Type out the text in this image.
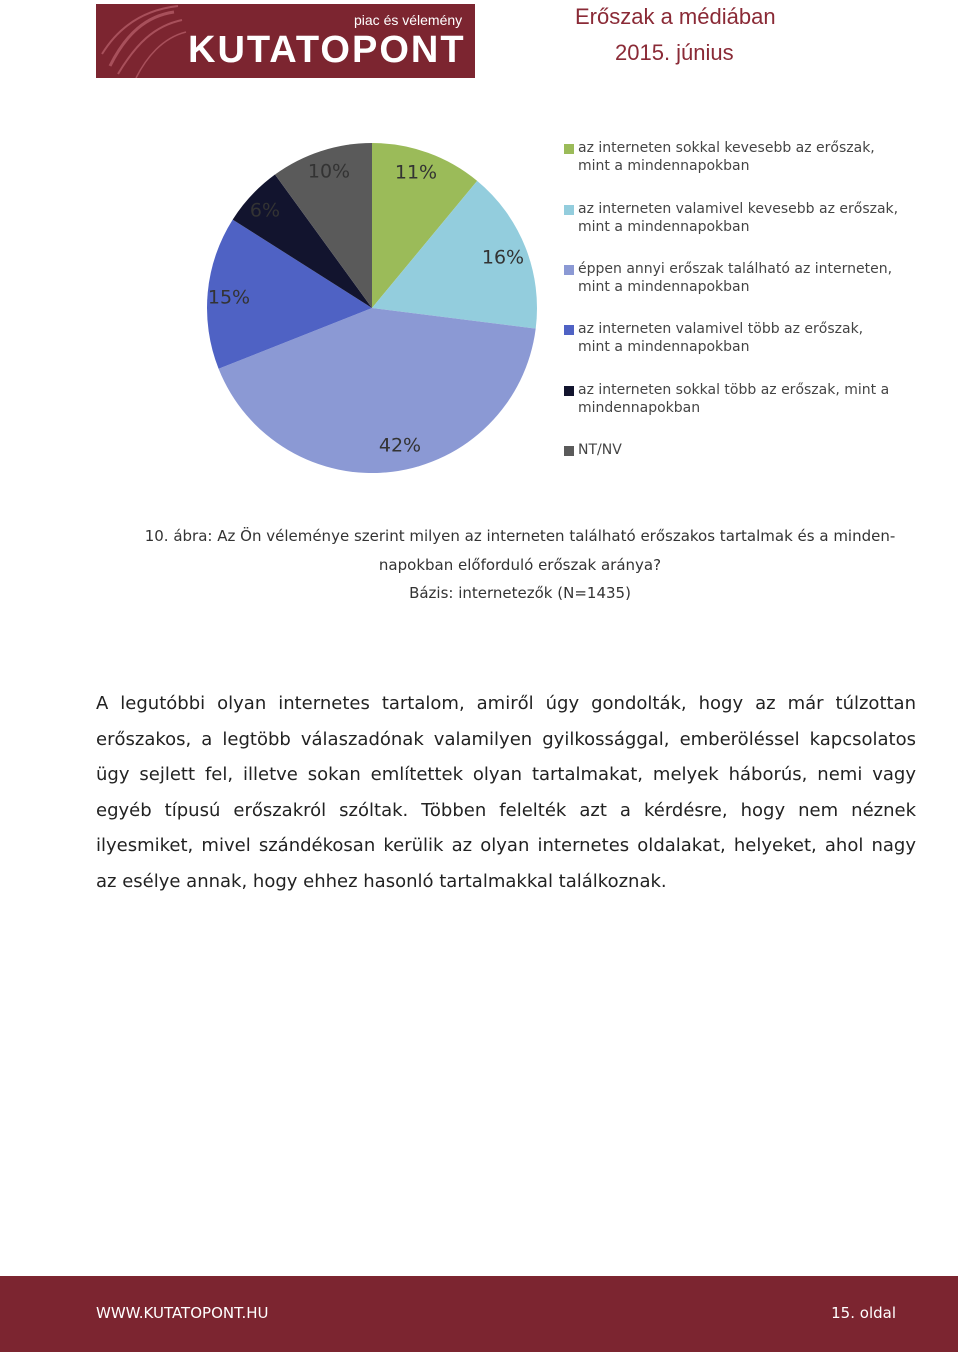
piac és vélemény
KUTATOPONT
Erőszak a médiában
2015. június
11%
16%
42%
15%
6%
10%
az interneten sokkal kevesebb az erőszak,
mint a mindennapokban
az interneten valamivel kevesebb az erőszak,
mint a mindennapokban
éppen annyi erőszak található az interneten,
mint a mindennapokban
az interneten valamivel több az erőszak,
mint a mindennapokban
az interneten sokkal több az erőszak, mint a
mindennapokban
NT/NV
10. ábra: Az Ön véleménye szerint milyen az interneten található erőszakos tartalmak és a minden-
napokban előforduló erőszak aránya?
Bázis: internetezők (N=1435)

A legutóbbi olyan internetes tartalom, amiről úgy gondolták, hogy az már túlzottan erőszakos, a legtöbb válaszadónak valamilyen gyilkossággal, emberöléssel kapcsolatos ügy sejlett fel, illetve sokan említettek olyan tartalmakat, melyek háborús, nemi vagy egyéb típusú erőszakról szóltak. Többen felelték azt a kérdésre, hogy nem néznek ilyesmiket, mivel szándékosan kerülik az olyan internetes oldalakat, helyeket, ahol nagy az esélye annak, hogy ehhez hasonló tartalmakkal találkoznak.

WWW.KUTATOPONT.HU	15. oldal
